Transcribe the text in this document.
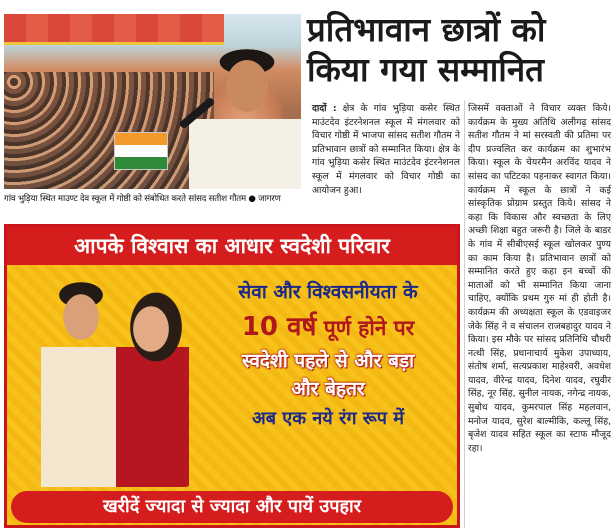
गांव भुड़िया स्थित माउण्ट देव स्कूल में गोष्ठी को संबोधित करते सांसद सतीश गौतम ● जागरण
प्रतिभावान छात्रों को
किया गया सम्मानित
दादों : क्षेत्र के गांव भुड़िया कसेर स्थित माउंटदेव इंटरनेशनल स्कूल में मंगलवार को विचार गोष्ठी में भाजपा सांसद सतीश गौतम ने प्रतिभावान छात्रों को सम्मानित किया। क्षेत्र के गांव भुड़िया कसेर स्थित माउंटदेव इंटरनेशनल स्कूल में मंगलवार को विचार गोष्ठी का आयोजन हुआ।
जिसमें वक्ताओं ने विचार व्यक्त किये। कार्यक्रम के मुख्य अतिथि अलीगढ़ सांसद सतीश गौतम ने मां सरस्वती की प्रतिमा पर दीप प्रज्वलित कर कार्यक्रम का शुभारंभ किया। स्कूल के चेयरमैन अरविंद यादव ने सांसद का पटिटका पहनाकर स्वागत किया। कार्यक्रम में स्कूल के छात्रों ने कई सांस्कृतिक प्रोग्राम प्रस्तुत किये। सांसद ने कहा कि विकास और स्वच्छता के लिए अच्छी शिक्षा बहुत जरूरी है। जिले के बाडर के गांव में सीबीएसई स्कूल खोलकर पुण्य का काम किया है। प्रतिभावान छात्रों को सम्मानित करते हुए कहा इन बच्चों की माताओं को भी सम्मानित किया जाना चाहिए, क्योंकि प्रथम गुरु मां ही होती है। कार्यक्रम की अध्यक्षता स्कूल के एडवाइजर जेके सिंह ने व संचालन राजबहादुर यादव ने किया। इस मौके पर सांसद प्रतिनिधि चौधरी नत्थी सिंह, प्रधानाचार्य मुकेश उपाध्याय, संतोष शर्मा, सत्यप्रकाश माहेश्वरी, अवधेश यादव, वीरेन्द्र यादव, दिनेश यादव, रघुवीर सिंह, नूर सिंह, सुनील नायक, नगेन्द्र नायक, सुबोध यादव, कुमरपाल सिंह महलवान, मनोज यादव, सुरेश बाल्मीकि, कल्लू सिंह, बृजेश यादव सहित स्कूल का स्टाफ मौजूद रहा।
आपके विश्वास का आधार स्वदेशी परिवार
सेवा और विश्वसनीयता के
10 वर्ष पूर्ण होने पर
स्वदेशी पहले से और बड़ा
और बेहतर
अब एक नये रंग रूप में
खरीदें ज्यादा से ज्यादा और पायें उपहार
